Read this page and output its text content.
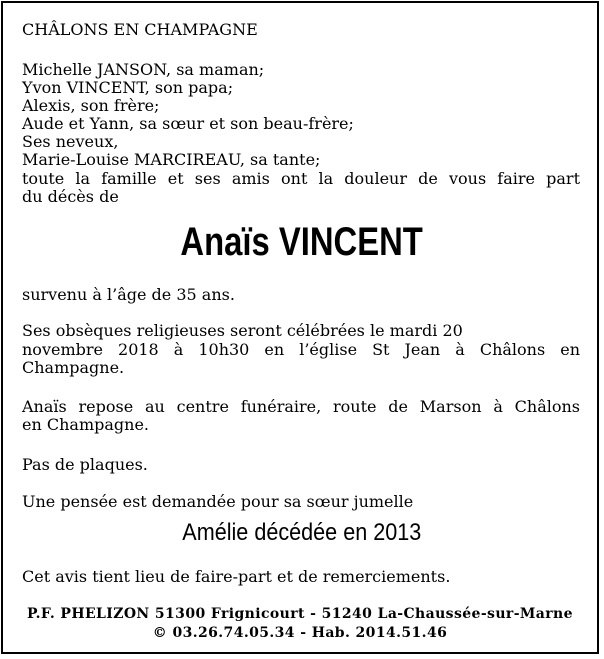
CHÂLONS EN CHAMPAGNE
Michelle JANSON, sa maman;
Yvon VINCENT, son papa;
Alexis, son frère;
Aude et Yann, sa sœur et son beau-frère;
Ses neveux,
Marie-Louise MARCIREAU, sa tante;
toute la famille et ses amis ont la douleur de vous faire part
du décès de
Anaïs VINCENT
survenu à l’âge de 35 ans.
Ses obsèques religieuses seront célébrées le mardi 20
novembre 2018 à 10h30 en l’église St Jean à Châlons en
Champagne.
Anaïs repose au centre funéraire, route de Marson à Châlons
en Champagne.
Pas de plaques.
Une pensée est demandée pour sa sœur jumelle
Amélie décédée en 2013
Cet avis tient lieu de faire-part et de remerciements.
P.F. PHELIZON 51300 Frignicourt - 51240 La-Chaussée-sur-Marne
© 03.26.74.05.34 - Hab. 2014.51.46
